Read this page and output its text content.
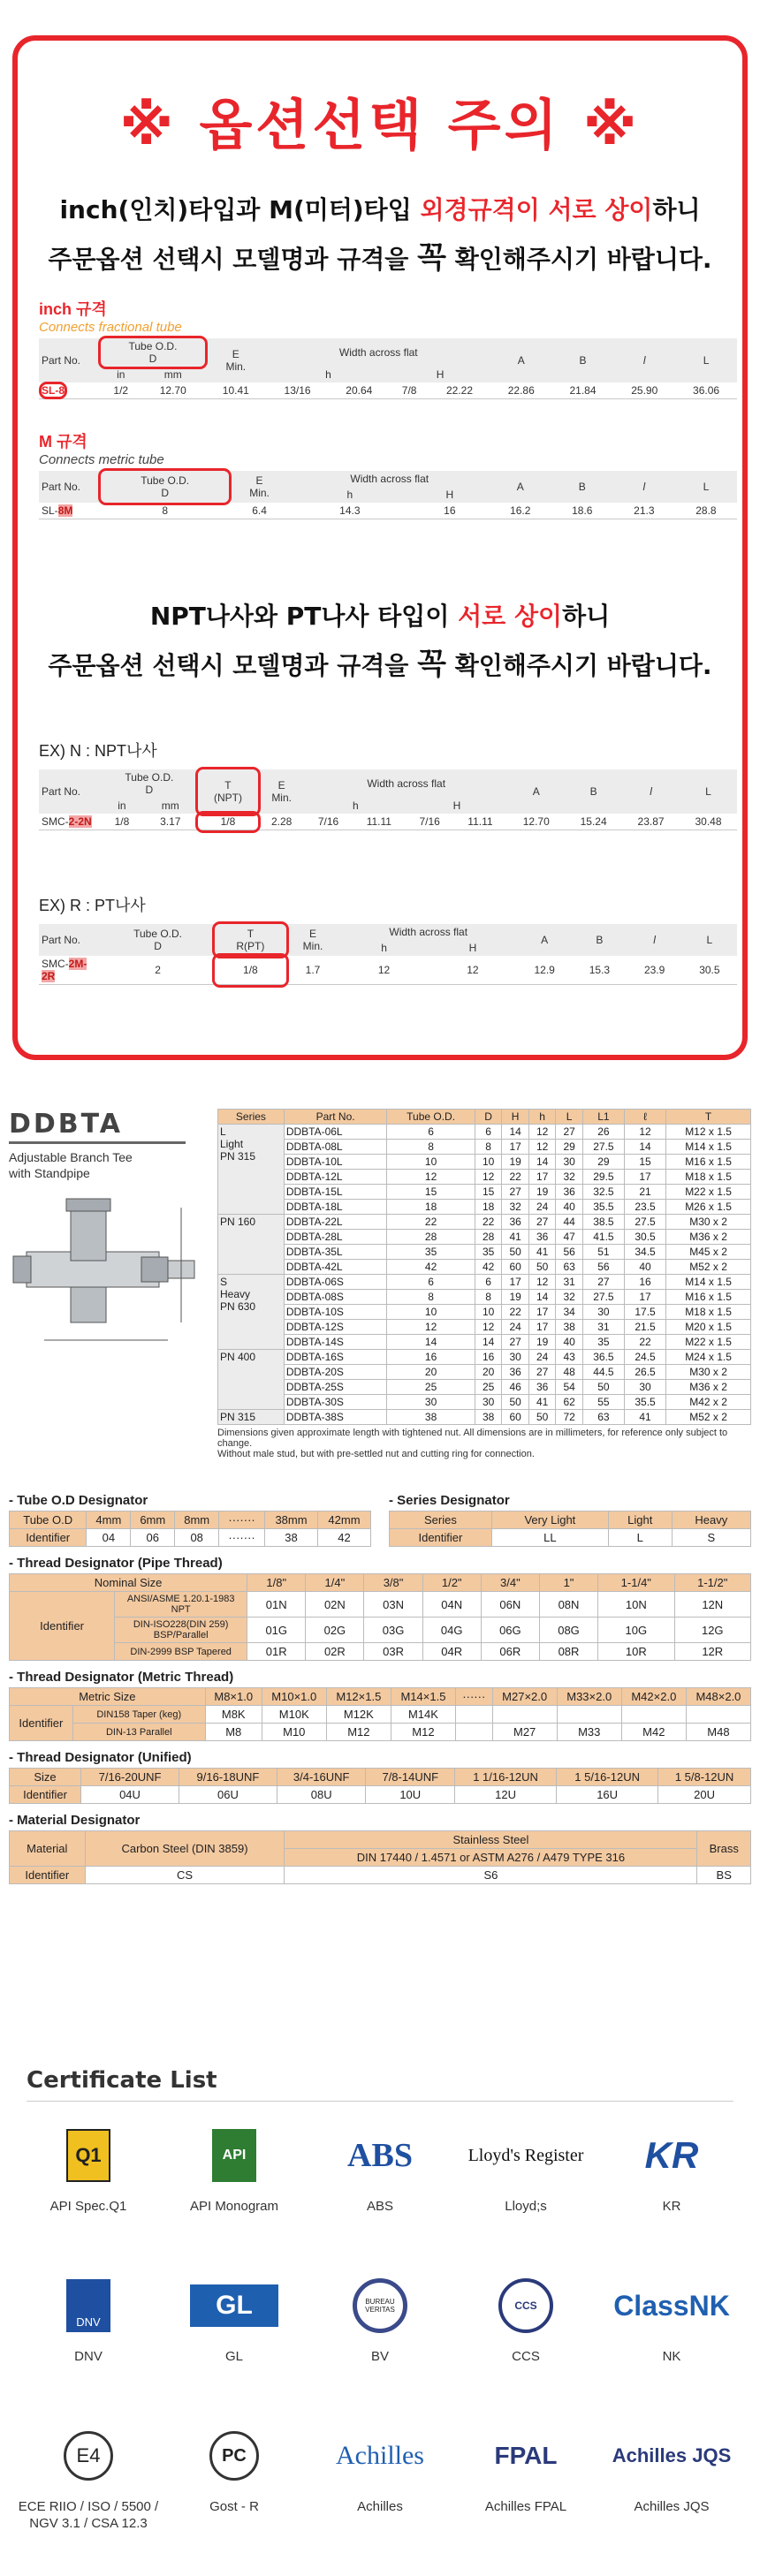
※ 옵션선택 주의 ※
inch(인치)타입과 M(미터)타입 외경규격이 서로 상이하니
주문옵션 선택시 모델명과 규격을 꼭 확인해주시기 바랍니다.
inch 규격
Connects fractional tube
Part No.	Tube O.D.
D		E
Min.	Width across flat				A	B	l	L
	in	mm		h		H					
SL-8	1/2	12.70	10.41	13/16	20.64	7/8	22.22	22.86	21.84	25.90	36.06
M 규격
Connects metric tube
Part No.	Tube O.D.
D	E
Min.	Width across flat		A	B	l	L
			h	H				
SL-8M	8	6.4	14.3	16	16.2	18.6	21.3	28.8
NPT나사와 PT나사 타입이 서로 상이하니
주문옵션 선택시 모델명과 규격을 꼭 확인해주시기 바랍니다.
EX) N : NPT나사
Part No.	Tube O.D.
D		T
(NPT)	E
Min.	Width across flat				A	B	l	L
	in	mm			h		H					
SMC-2-2N	1/8	3.17	1/8	2.28	7/16	11.11	7/16	11.11	12.70	15.24	23.87	30.48
EX) R : PT나사
Part No.	Tube O.D.
D	T
R(PT)	E
Min.	Width across flat		A	B	l	L
				h	H				
SMC-2M-2R	2	1/8	1.7	12	12	12.9	15.3	23.9	30.5
DDBTA
Adjustable Branch Tee
with Standpipe
Series	Part No.	Tube O.D.	D	H	h	L	L1	ℓ	T

L
Light
PN 315	DDBTA-06L	6	6	14	12	27	26	12	M12 x 1.5
	DDBTA-08L	8	8	17	12	29	27.5	14	M14 x 1.5
	DDBTA-10L	10	10	19	14	30	29	15	M16 x 1.5
	DDBTA-12L	12	12	22	17	32	29.5	17	M18 x 1.5
	DDBTA-15L	15	15	27	19	36	32.5	21	M22 x 1.5
	DDBTA-18L	18	18	32	24	40	35.5	23.5	M26 x 1.5

PN 160	DDBTA-22L	22	22	36	27	44	38.5	27.5	M30 x 2
	DDBTA-28L	28	28	41	36	47	41.5	30.5	M36 x 2
	DDBTA-35L	35	35	50	41	56	51	34.5	M45 x 2
	DDBTA-42L	42	42	60	50	63	56	40	M52 x 2

S
Heavy
PN 630	DDBTA-06S	6	6	17	12	31	27	16	M14 x 1.5
	DDBTA-08S	8	8	19	14	32	27.5	17	M16 x 1.5
	DDBTA-10S	10	10	22	17	34	30	17.5	M18 x 1.5
	DDBTA-12S	12	12	24	17	38	31	21.5	M20 x 1.5
	DDBTA-14S	14	14	27	19	40	35	22	M22 x 1.5

PN 400	DDBTA-16S	16	16	30	24	43	36.5	24.5	M24 x 1.5
	DDBTA-20S	20	20	36	27	48	44.5	26.5	M30 x 2
	DDBTA-25S	25	25	46	36	54	50	30	M36 x 2
	DDBTA-30S	30	30	50	41	62	55	35.5	M42 x 2

PN 315	DDBTA-38S	38	38	60	50	72	63	41	M52 x 2
Dimensions given approximate length with tightened nut. All dimensions are in millimeters, for reference only subject to change.
Without male stud, but with pre-settled nut and cutting ring for connection.
- Tube O.D Designator
Tube O.D	4mm	6mm	8mm	·······	38mm	42mm
Identifier	04	06	08	·······	38	42
- Series Designator
Series	Very Light	Light	Heavy
Identifier	LL	L	S
- Thread Designator (Pipe Thread)
Nominal Size		1/8"	1/4"	3/8"	1/2"	3/4"	1"	1-1/4"	1-1/2"
Identifier	ANSI/ASME 1.20.1-1983 NPT	01N	02N	03N	04N	06N	08N	10N	12N
	DIN-ISO228(DIN 259) BSP/Parallel	01G	02G	03G	04G	06G	08G	10G	12G
	DIN-2999 BSP Tapered	01R	02R	03R	04R	06R	08R	10R	12R
- Thread Designator (Metric Thread)
Metric Size		M8×1.0	M10×1.0	M12×1.5	M14×1.5	······	M27×2.0	M33×2.0	M42×2.0	M48×2.0
Identifier	DIN158 Taper (keg)	M8K	M10K	M12K	M14K					
	DIN-13 Parallel	M8	M10	M12	M12		M27	M33	M42	M48
- Thread Designator (Unified)
Size	7/16-20UNF	9/16-18UNF	3/4-16UNF	7/8-14UNF	1 1/16-12UN	1 5/16-12UN	1 5/8-12UN
Identifier	04U	06U	08U	10U	12U	16U	20U
- Material Designator
Material	Carbon Steel (DIN 3859)	Stainless Steel	Brass
		DIN 17440 / 1.4571 or ASTM A276 / A479 TYPE 316	
Identifier	CS	S6	BS
Certificate List
Q1
API Spec.Q1
API
API Monogram
ABS
ABS
Lloyd's Register
Lloyd;s
KR
KR
DNV
DNV
GL
GL
BUREAU VERITAS
BV
CCS
CCS
ClassNK
NK
E4
ECE RIIO / ISO / 5500 / NGV 3.1 / CSA 12.3
PC
Gost - R
Achilles
Achilles
FPAL
Achilles FPAL
Achilles JQS
Achilles JQS
